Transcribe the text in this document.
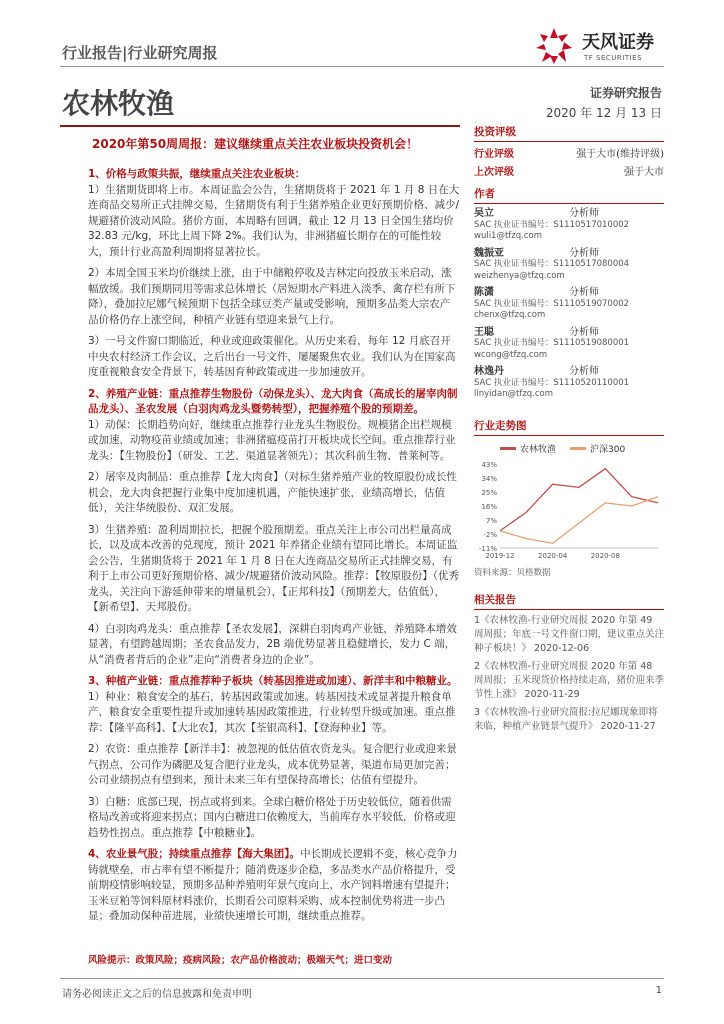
行业报告|行业研究周报	天风证券
TF SECURITIES
农林牧渔	证券研究报告
2020 年 12 月 13 日
2020年第50周周报：建议继续重点关注农业板块投资机会！
1、价格与政策共振，继续重点关注农业板块：

1）生猪期货即将上市。本周证监会公告，生猪期货将于 2021 年 1 月 8 日在大连商品交易所正式挂牌交易，生猪期货有利于生猪养殖企业更好预期价格、减少/规避猪价波动风险。猪价方面，本周略有回调，截止 12 月 13 日全国生猪均价 32.83 元/kg，环比上周下降 2%。我们认为，非洲猪瘟长期存在的可能性较大，预计行业高盈利周期将显著拉长。

2）本周全国玉米均价继续上涨，由于中储粮停收及吉林定向投放玉米启动，涨幅放缓。我们预期同用等需求总体增长（居短期水产料进入淡季、禽存栏有所下降），叠加拉尼娜气候预期下包括全球豆类产量或受影响，预期多品类大宗农产品价格仍存上涨空间，种植产业链有望迎来景气上行。

3）一号文件窗口期临近，种业或迎政策催化。从历史来看，每年 12 月底召开中央农村经济工作会议，之后出台一号文件，屡屡聚焦农业。我们认为在国家高度重视粮食安全背景下，转基因育种政策或进一步加速放开。

2、养殖产业链：重点推荐生物股份（动保龙头）、龙大肉食（高成长的屠宰肉制品龙头）、圣农发展（白羽肉鸡龙头暨势转型），把握养殖个股的预期差。

1）动保：长期趋势向好，继续重点推荐行业龙头生物股份。规模猪企出栏规模或加速，动物疫苗业绩或加速；非洲猪瘟疫苗打开板块成长空间。重点推荐行业龙头：【生物股份】（研发、工艺、渠道显著领先）；其次科前生物、普莱柯等。

2）屠宰及肉制品：重点推荐【龙大肉食】（对标生猪养殖产业的牧原股份成长性机会，龙大肉食把握行业集中度加速机遇，产能快速扩张，业绩高增长，估值低），关注华统股份、双汇发展。

3）生猪养殖：盈利周期拉长，把握个股预期差。重点关注上市公司出栏量高成长，以及成本改善的兑现度，预计 2021 年养猪企业绩有望同比增长。本周证监会公告，生猪期货将于 2021 年 1 月 8 日在大连商品交易所正式挂牌交易，有利于上市公司更好预期价格、减少/规避猪价波动风险。推荐：【牧原股份】（优秀龙头，关注向下游延伸带来的增量机会），【正邦科技】（预期差大，估值低），【新希望】、天邦股份。

4）白羽肉鸡龙头：重点推荐【圣农发展】，深耕白羽肉鸡产业链，养殖降本增效显著，有望跨越周期；圣农食品发力，2B 端优势显著且稳健增长，发力 C 端，从“消费者背后的企业”走向“消费者身边的企业”。

3、种植产业链：重点推荐种子板块（转基因推进或加速）、新洋丰和中粮糖业。

1）种业：粮食安全的基石，转基因政策或加速。转基因技术或显著提升粮食单产，粮食安全重要性提升或加速转基因政策推进，行业转型升级或加速。重点推荐：【隆平高科】、【大北农】，其次【荃银高科】、【登海种业】等。

2）农资：重点推荐【新洋丰】：被忽视的低估值农资龙头。复合肥行业或迎来景气拐点，公司作为磷肥及复合肥行业龙头，成本优势显著，渠道布局更加完善；公司业绩拐点有望到来，预计未来三年有望保持高增长；估值有望提升。

3）白糖：底部已现，拐点或将到来。全球白糖价格处于历史较低位，随着供需格局改善或将迎来拐点；国内白糖进口依赖度大，当前库存水平较低，价格或迎趋势性拐点。重点推荐【中粮糖业】。

4、农业景气股；持续重点推荐【海大集团】。中长期成长逻辑不变，核心竞争力铸就壁垒，市占率有望不断提升；随消费逐步企稳，多品类水产品价格提升，受前期疫情影响较显，预期多品种养殖明年景气度向上，水产饲料增速有望提升；玉米豆粕等饲料原材料涨价，长期看公司原料采购、成本控制优势将进一步凸显；叠加动保种苗进展，业绩快速增长可期，继续重点推荐。

风险提示：政策风险；疫病风险；农产品价格波动；极端天气；进口变动
投资评级
行业评级	强于大市(维持评级)
上次评级	强于大市
作者
吴立	分析师
SAC 执业证书编号：S1110517010002
wuli1@tfzq.com
魏振亚	分析师
SAC 执业证书编号：S1110517080004
weizhenya@tfzq.com
陈潇	分析师
SAC 执业证书编号：S1110519070002
chenx@tfzq.com
王聪	分析师
SAC 执业证书编号：S1110519080001
wcong@tfzq.com
林逸丹	分析师
SAC 执业证书编号：S1110520110001
linyidan@tfzq.com
行业走势图
农林牧渔	沪深300
43%
34%
25%
16%
7%
-2%
-11%
2019-12	2020-04	2020-08
资料来源：贝格数据
相关报告
1《农林牧渔-行业研究周报 2020 年第 49 周周报；年底一号文件窗口期，建议重点关注种子板块！》 2020-12-06
2《农林牧渔-行业研究周报 2020 年第 48 周周报；玉米现货价格持续走高，猪价迎来季节性上涨》 2020-11-29
3《农林牧渔-行业研究简报:拉尼娜现象即将来临，种植产业链景气提升》 2020-11-27
请务必阅读正文之后的信息披露和免责申明	1
